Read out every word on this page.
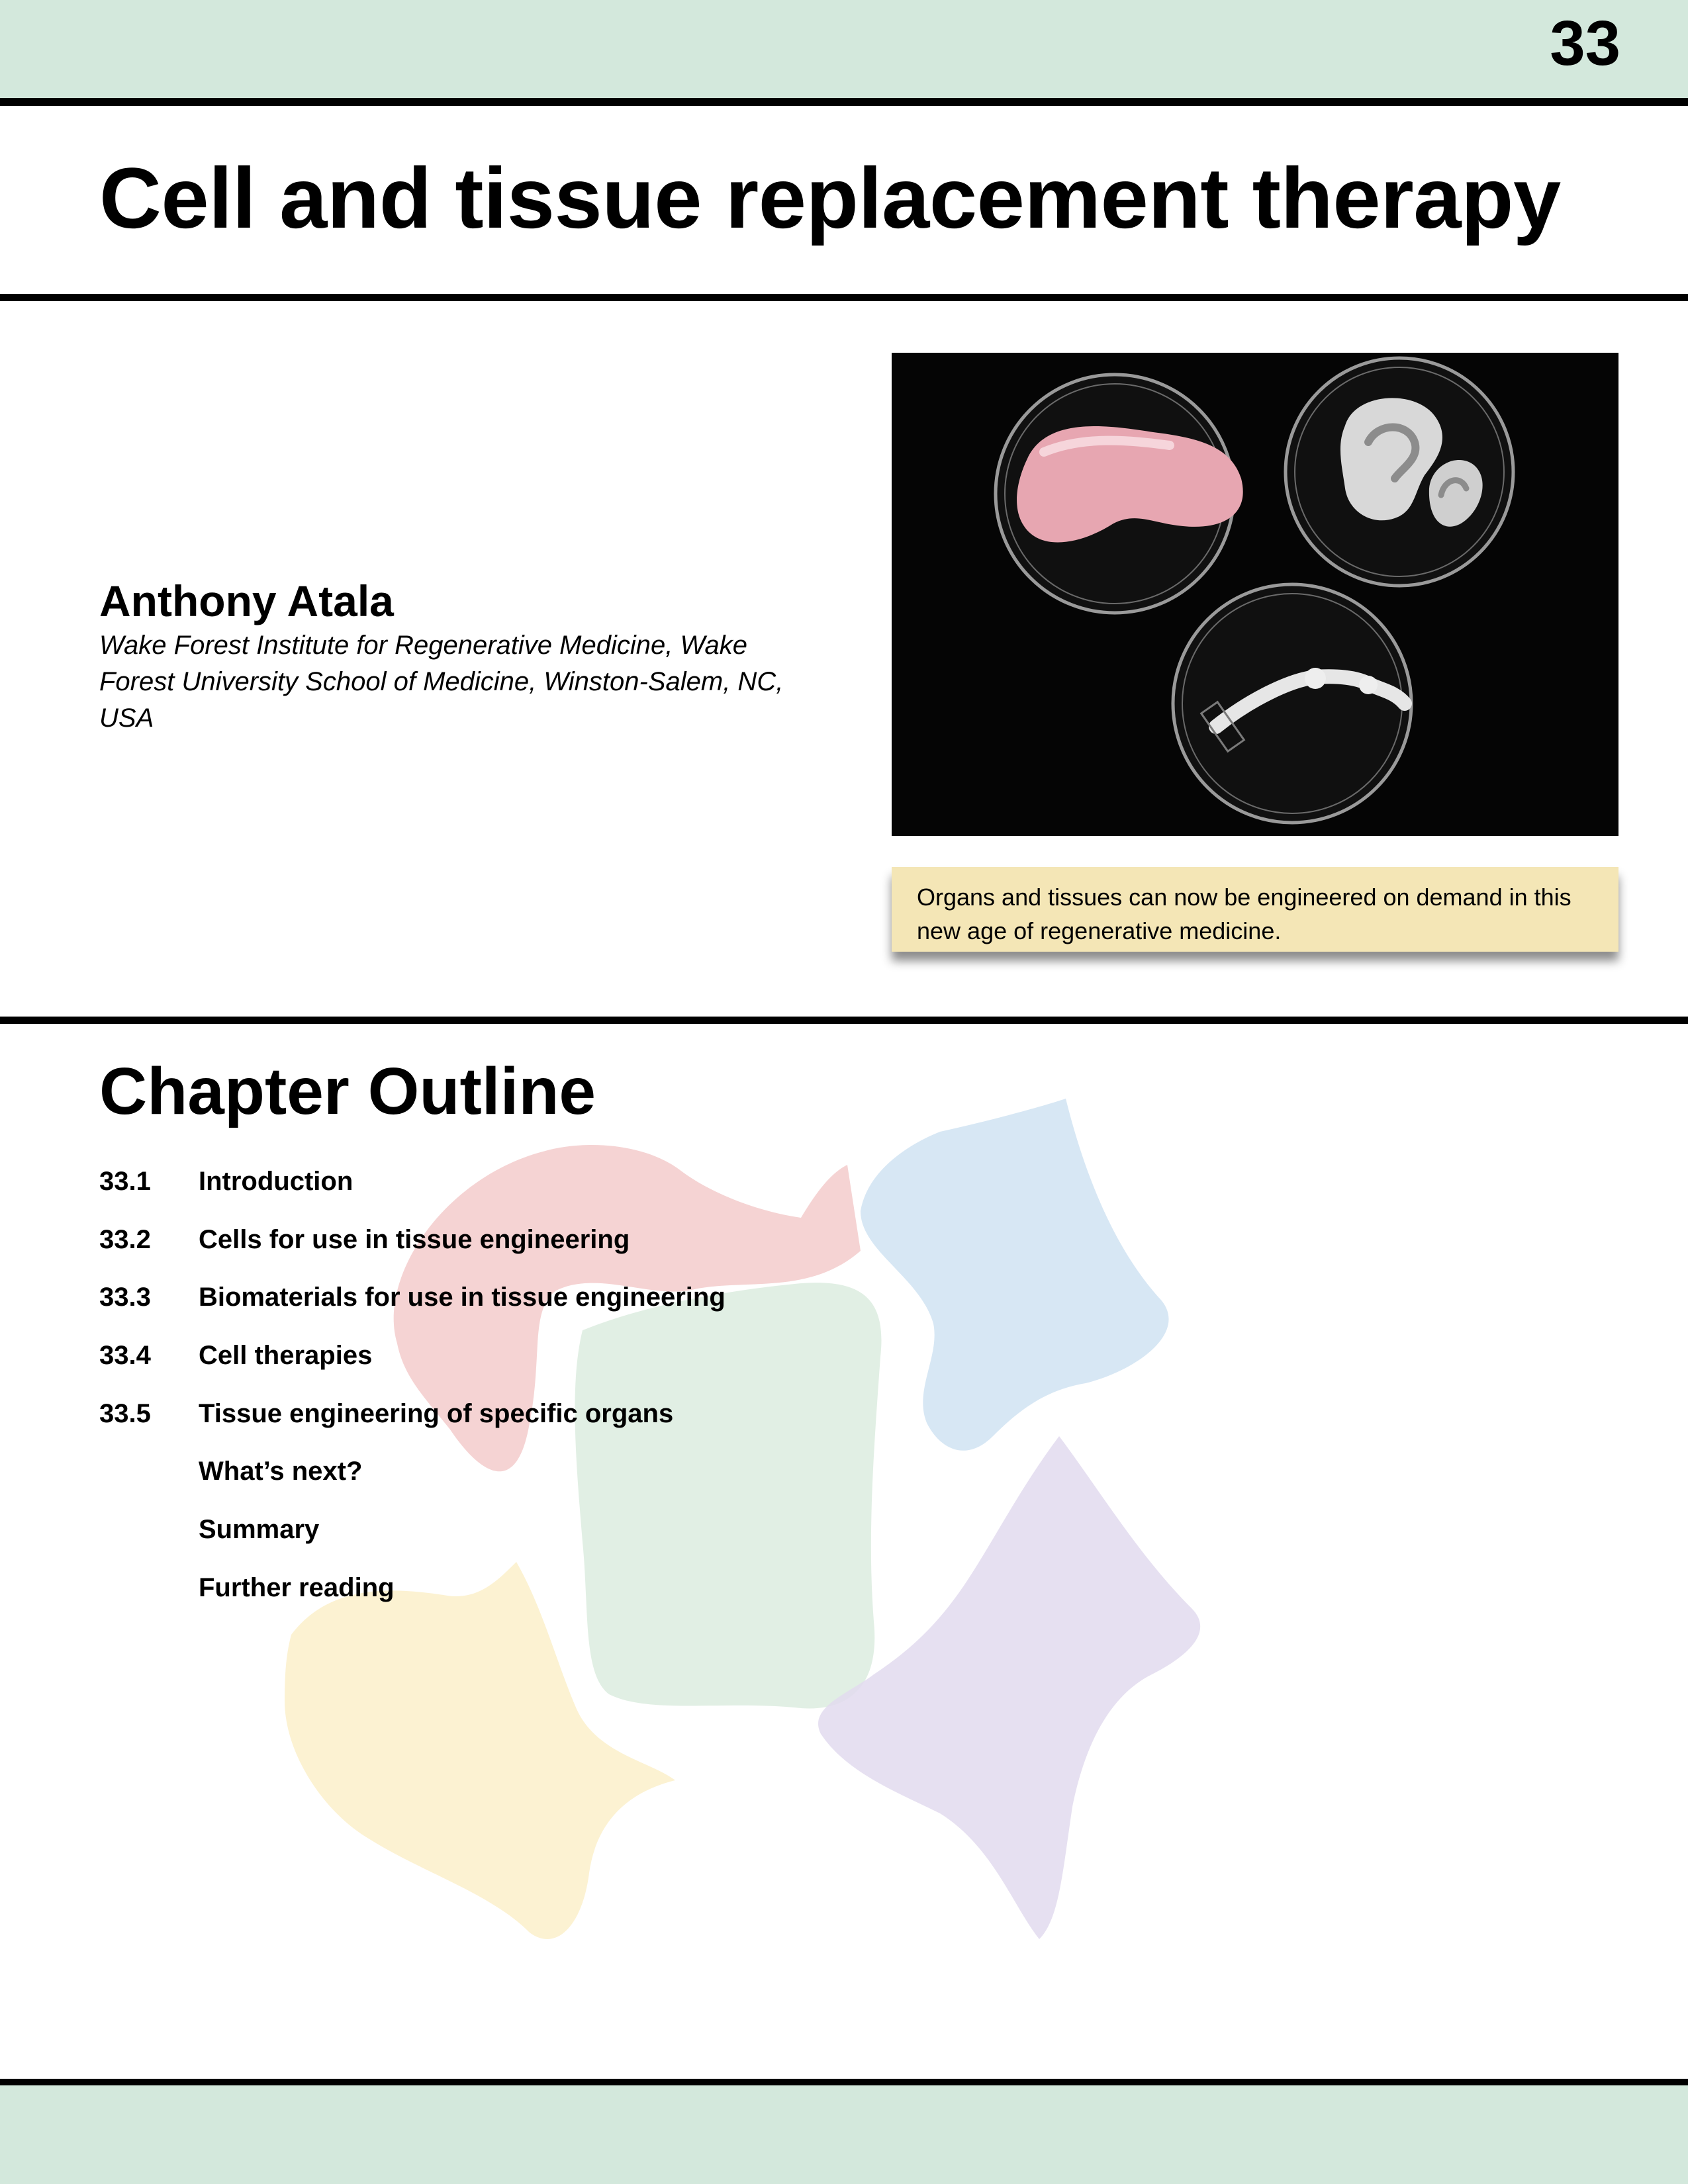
33
Cell and tissue replacement therapy
Anthony Atala

Wake Forest Institute for Regenerative Medicine, Wake Forest University School of Medicine, Winston-Salem, NC, USA

Organs and tissues can now be engineered on demand in this new age of regenerative medicine.
Chapter Outline
33.1 Introduction
33.2 Cells for use in tissue engineering
33.3 Biomaterials for use in tissue engineering
33.4 Cell therapies
33.5 Tissue engineering of specific organs
What’s next?
Summary
Further reading
